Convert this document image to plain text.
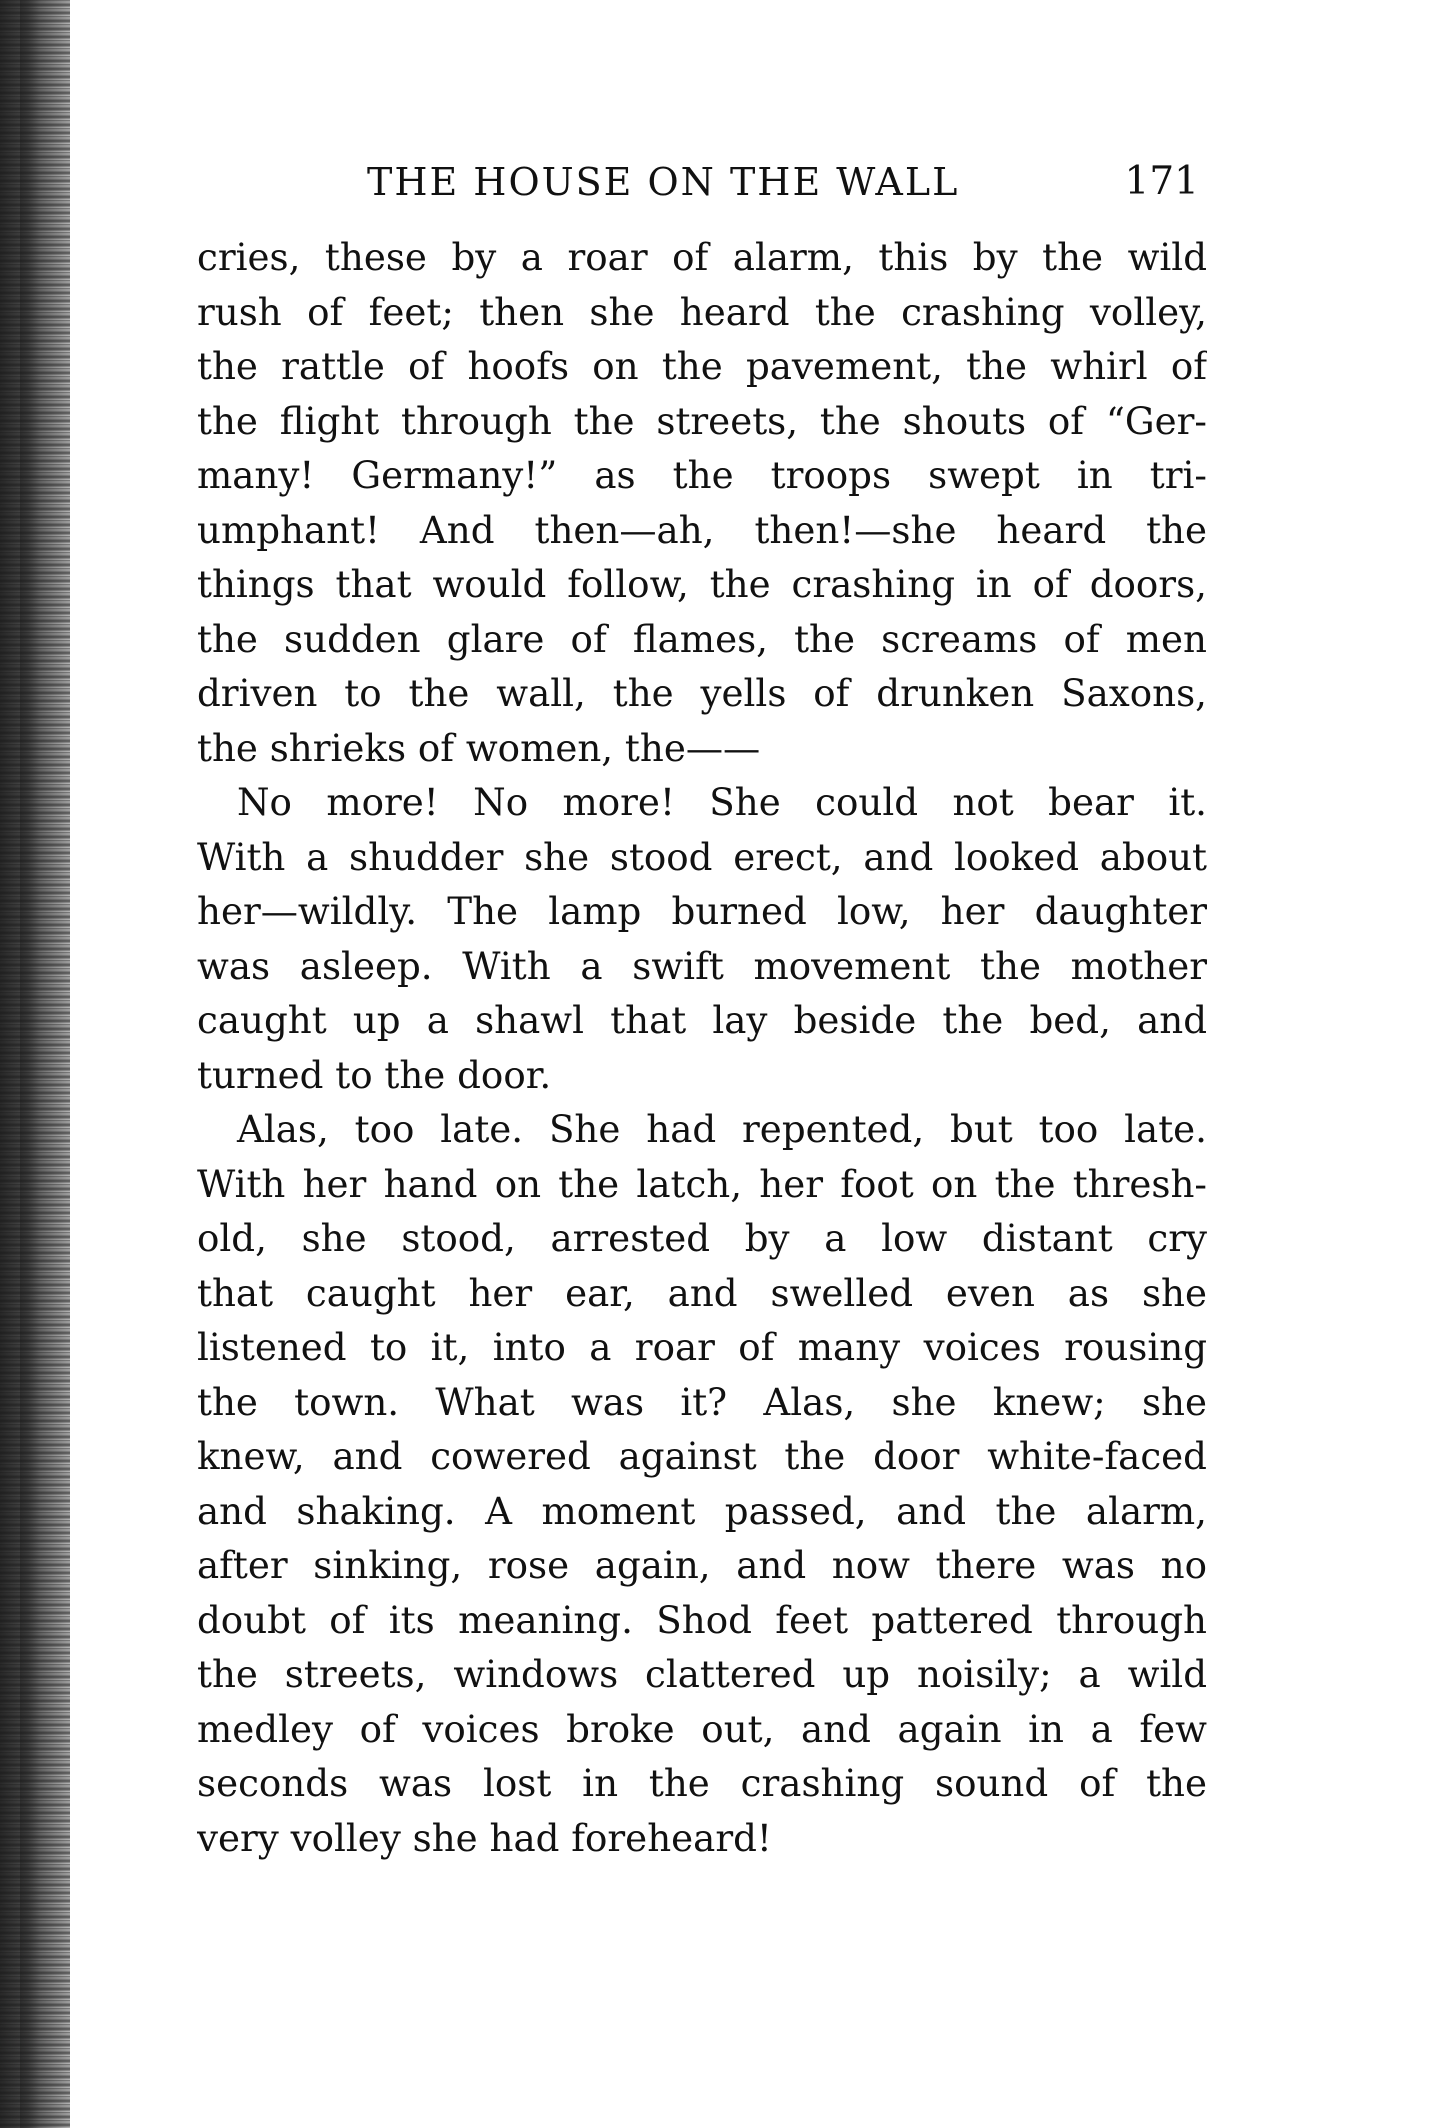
THE HOUSE ON THE WALL	171
cries, these by a roar of alarm, this by the wild
rush of feet; then she heard the crashing volley,
the rattle of hoofs on the pavement, the whirl of
the flight through the streets, the shouts of “Ger-
many! Germany!” as the troops swept in tri-
umphant! And then—ah, then!—she heard the
things that would follow, the crashing in of doors,
the sudden glare of flames, the screams of men
driven to the wall, the yells of drunken Saxons,
the shrieks of women, the——
No more! No more! She could not bear it.
With a shudder she stood erect, and looked about
her—wildly. The lamp burned low, her daughter
was asleep. With a swift movement the mother
caught up a shawl that lay beside the bed, and
turned to the door.
Alas, too late. She had repented, but too late.
With her hand on the latch, her foot on the thresh-
old, she stood, arrested by a low distant cry
that caught her ear, and swelled even as she
listened to it, into a roar of many voices rousing
the town. What was it? Alas, she knew; she
knew, and cowered against the door white-faced
and shaking. A moment passed, and the alarm,
after sinking, rose again, and now there was no
doubt of its meaning. Shod feet pattered through
the streets, windows clattered up noisily; a wild
medley of voices broke out, and again in a few
seconds was lost in the crashing sound of the
very volley she had foreheard!
